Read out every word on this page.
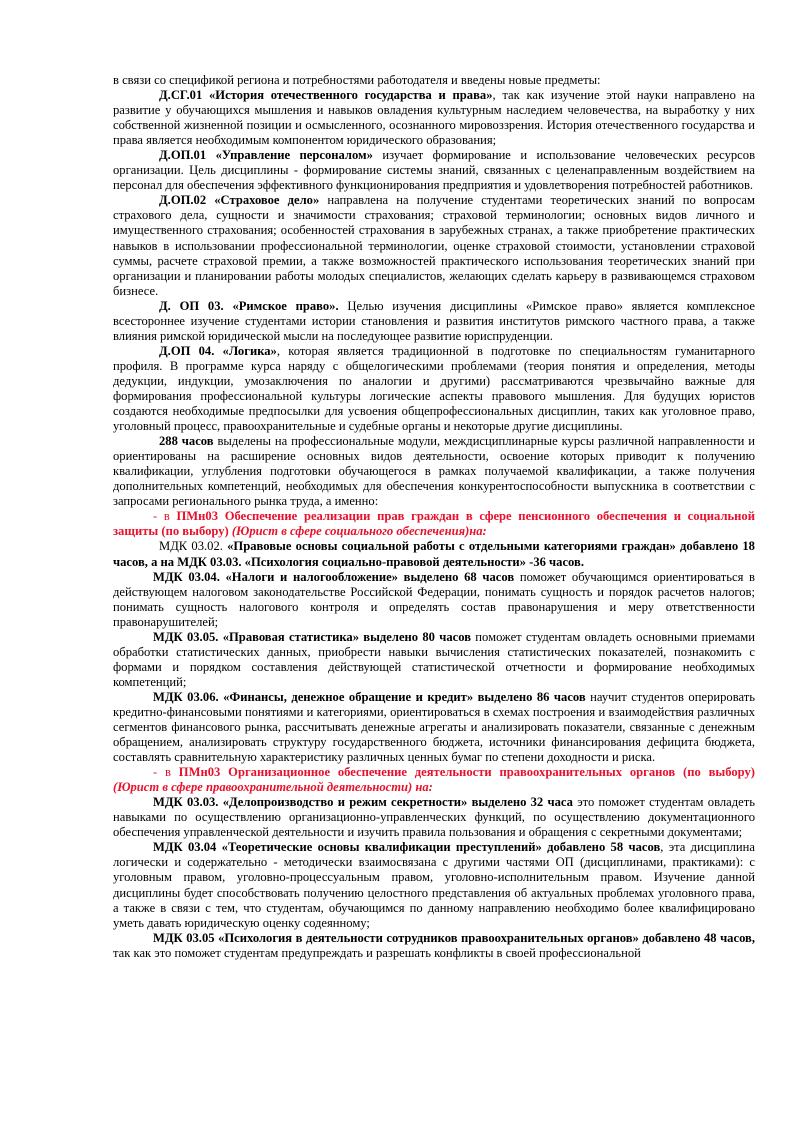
в связи со спецификой региона и потребностями работодателя и введены новые предметы:

Д.СГ.01 «История отечественного государства и права», так как изучение этой науки направлено на развитие у обучающихся мышления и навыков овладения культурным наследием человечества, на выработку у них собственной жизненной позиции и осмысленного, осознанного мировоззрения. История отечественного государства и права является необходимым компонентом юридического образования;

Д.ОП.01 «Управление персоналом» изучает формирование и использование человеческих ресурсов организации. Цель дисциплины - формирование системы знаний, связанных с целенаправленным воздействием на персонал для обеспечения эффективного функционирования предприятия и удовлетворения потребностей работников.

Д.ОП.02 «Страховое дело» направлена на получение студентами теоретических знаний по вопросам страхового дела, сущности и значимости страхования; страховой терминологии; основных видов личного и имущественного страхования; особенностей страхования в зарубежных странах, а также приобретение практических навыков в использовании профессиональной терминологии, оценке страховой стоимости, установлении страховой суммы, расчете страховой премии, а также возможностей практического использования теоретических знаний при организации и планировании работы молодых специалистов, желающих сделать карьеру в развивающемся страховом бизнесе.

Д. ОП 03. «Римское право». Целью изучения дисциплины «Римское право» является комплексное всестороннее изучение студентами истории становления и развития институтов римского частного права, а также влияния римской юридической мысли на последующее развитие юриспруденции.

Д.ОП 04. «Логика», которая является традиционной в подготовке по специальностям гуманитарного профиля. В программе курса наряду с общелогическими проблемами (теория понятия и определения, методы дедукции, индукции, умозаключения по аналогии и другими) рассматриваются чрезвычайно важные для формирования профессиональной культуры логические аспекты правового мышления. Для будущих юристов создаются необходимые предпосылки для усвоения общепрофессиональных дисциплин, таких как уголовное право, уголовный процесс, правоохранительные и судебные органы и некоторые другие дисциплины.

288 часов выделены на профессиональные модули, междисциплинарные курсы различной направленности и ориентированы на расширение основных видов деятельности, освоение которых приводит к получению квалификации, углубления подготовки обучающегося в рамках получаемой квалификации, а также получения дополнительных компетенций, необходимых для обеспечения конкурентоспособности выпускника в соответствии с запросами регионального рынка труда, а именно:

- в ПМн03 Обеспечение реализации прав граждан в сфере пенсионного обеспечения и социальной защиты (по выбору) (Юрист в сфере социального обеспечения)на:

МДК 03.02. «Правовые основы социальной работы с отдельными категориями граждан» добавлено 18 часов, а на МДК 03.03. «Психология социально-правовой деятельности» -36 часов.

МДК 03.04. «Налоги и налогообложение» выделено 68 часов поможет обучающимся ориентироваться в действующем налоговом законодательстве Российской Федерации, понимать сущность и порядок расчетов налогов; понимать сущность налогового контроля и определять состав правонарушения и меру ответственности правонарушителей;

МДК 03.05. «Правовая статистика» выделено 80 часов поможет студентам овладеть основными приемами обработки статистических данных, приобрести навыки вычисления статистических показателей, познакомить с формами и порядком составления действующей статистической отчетности и формирование необходимых компетенций;

МДК 03.06. «Финансы, денежное обращение и кредит» выделено 86 часов научит студентов оперировать кредитно-финансовыми понятиями и категориями, ориентироваться в схемах построения и взаимодействия различных сегментов финансового рынка, рассчитывать денежные агрегаты и анализировать показатели, связанные с денежным обращением, анализировать структуру государственного бюджета, источники финансирования дефицита бюджета, составлять сравнительную характеристику различных ценных бумаг по степени доходности и риска.

- в ПМн03 Организационное обеспечение деятельности правоохранительных органов (по выбору) (Юрист в сфере правоохранительной деятельности) на:

МДК 03.03. «Делопроизводство и режим секретности» выделено 32 часа это поможет студентам овладеть навыками по осуществлению организационно-управленческих функций, по осуществлению документационного обеспечения управленческой деятельности и изучить правила пользования и обращения с секретными документами;

МДК 03.04 «Теоретические основы квалификации преступлений» добавлено 58 часов, эта дисциплина логически и содержательно - методически взаимосвязана с другими частями ОП (дисциплинами, практиками): с уголовным правом, уголовно-процессуальным правом, уголовно-исполнительным правом. Изучение данной дисциплины будет способствовать получению целостного представления об актуальных проблемах уголовного права, а также в связи с тем, что студентам, обучающимся по данному направлению необходимо более квалифицировано уметь давать юридическую оценку содеянному;

МДК 03.05 «Психология в деятельности сотрудников правоохранительных органов» добавлено 48 часов, так как это поможет студентам предупреждать и разрешать конфликты в своей профессиональной
